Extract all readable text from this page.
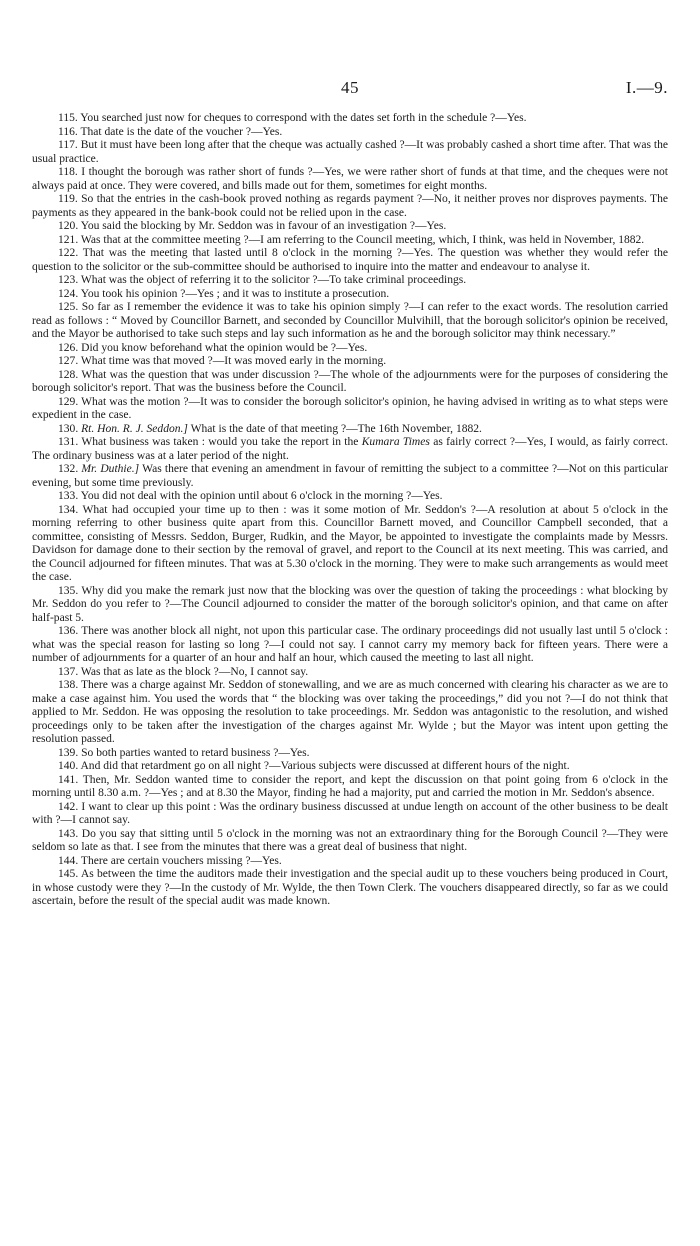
45	I.—9.

115. You searched just now for cheques to correspond with the dates set forth in the schedule ?—Yes.

116. That date is the date of the voucher ?—Yes.

117. But it must have been long after that the cheque was actually cashed ?—It was probably cashed a short time after. That was the usual practice.

118. I thought the borough was rather short of funds ?—Yes, we were rather short of funds at that time, and the cheques were not always paid at once. They were covered, and bills made out for them, sometimes for eight months.

119. So that the entries in the cash-book proved nothing as regards payment ?—No, it neither proves nor disproves payments. The payments as they appeared in the bank-book could not be relied upon in the case.

120. You said the blocking by Mr. Seddon was in favour of an investigation ?—Yes.

121. Was that at the committee meeting ?—I am referring to the Council meeting, which, I think, was held in November, 1882.

122. That was the meeting that lasted until 8 o'clock in the morning ?—Yes. The question was whether they would refer the question to the solicitor or the sub-committee should be authorised to inquire into the matter and endeavour to analyse it.

123. What was the object of referring it to the solicitor ?—To take criminal proceedings.

124. You took his opinion ?—Yes ; and it was to institute a prosecution.

125. So far as I remember the evidence it was to take his opinion simply ?—I can refer to the exact words. The resolution carried read as follows : “ Moved by Councillor Barnett, and seconded by Councillor Mulvihill, that the borough solicitor's opinion be received, and the Mayor be authorised to take such steps and lay such information as he and the borough solicitor may think necessary.”

126. Did you know beforehand what the opinion would be ?—Yes.

127. What time was that moved ?—It was moved early in the morning.

128. What was the question that was under discussion ?—The whole of the adjournments were for the purposes of considering the borough solicitor's report. That was the business before the Council.

129. What was the motion ?—It was to consider the borough solicitor's opinion, he having advised in writing as to what steps were expedient in the case.

130. Rt. Hon. R. J. Seddon.] What is the date of that meeting ?—The 16th November, 1882.

131. What business was taken : would you take the report in the Kumara Times as fairly correct ?—Yes, I would, as fairly correct. The ordinary business was at a later period of the night.

132. Mr. Duthie.] Was there that evening an amendment in favour of remitting the subject to a committee ?—Not on this particular evening, but some time previously.

133. You did not deal with the opinion until about 6 o'clock in the morning ?—Yes.

134. What had occupied your time up to then : was it some motion of Mr. Seddon's ?—A resolution at about 5 o'clock in the morning referring to other business quite apart from this. Councillor Barnett moved, and Councillor Campbell seconded, that a committee, consisting of Messrs. Seddon, Burger, Rudkin, and the Mayor, be appointed to investigate the complaints made by Messrs. Davidson for damage done to their section by the removal of gravel, and report to the Council at its next meeting. This was carried, and the Council adjourned for fifteen minutes. That was at 5.30 o'clock in the morning. They were to make such arrangements as would meet the case.

135. Why did you make the remark just now that the blocking was over the question of taking the proceedings : what blocking by Mr. Seddon do you refer to ?—The Council adjourned to consider the matter of the borough solicitor's opinion, and that came on after half-past 5.

136. There was another block all night, not upon this particular case. The ordinary proceedings did not usually last until 5 o'clock : what was the special reason for lasting so long ?—I could not say. I cannot carry my memory back for fifteen years. There were a number of adjournments for a quarter of an hour and half an hour, which caused the meeting to last all night.

137. Was that as late as the block ?—No, I cannot say.

138. There was a charge against Mr. Seddon of stonewalling, and we are as much concerned with clearing his character as we are to make a case against him. You used the words that “ the blocking was over taking the proceedings,” did you not ?—I do not think that applied to Mr. Seddon. He was opposing the resolution to take proceedings. Mr. Seddon was antagonistic to the resolution, and wished proceedings only to be taken after the investigation of the charges against Mr. Wylde ; but the Mayor was intent upon getting the resolution passed.

139. So both parties wanted to retard business ?—Yes.

140. And did that retardment go on all night ?—Various subjects were discussed at different hours of the night.

141. Then, Mr. Seddon wanted time to consider the report, and kept the discussion on that point going from 6 o'clock in the morning until 8.30 a.m. ?—Yes ; and at 8.30 the Mayor, finding he had a majority, put and carried the motion in Mr. Seddon's absence.

142. I want to clear up this point : Was the ordinary business discussed at undue length on account of the other business to be dealt with ?—I cannot say.

143. Do you say that sitting until 5 o'clock in the morning was not an extraordinary thing for the Borough Council ?—They were seldom so late as that. I see from the minutes that there was a great deal of business that night.

144. There are certain vouchers missing ?—Yes.

145. As between the time the auditors made their investigation and the special audit up to these vouchers being produced in Court, in whose custody were they ?—In the custody of Mr. Wylde, the then Town Clerk. The vouchers disappeared directly, so far as we could ascertain, before the result of the special audit was made known.
